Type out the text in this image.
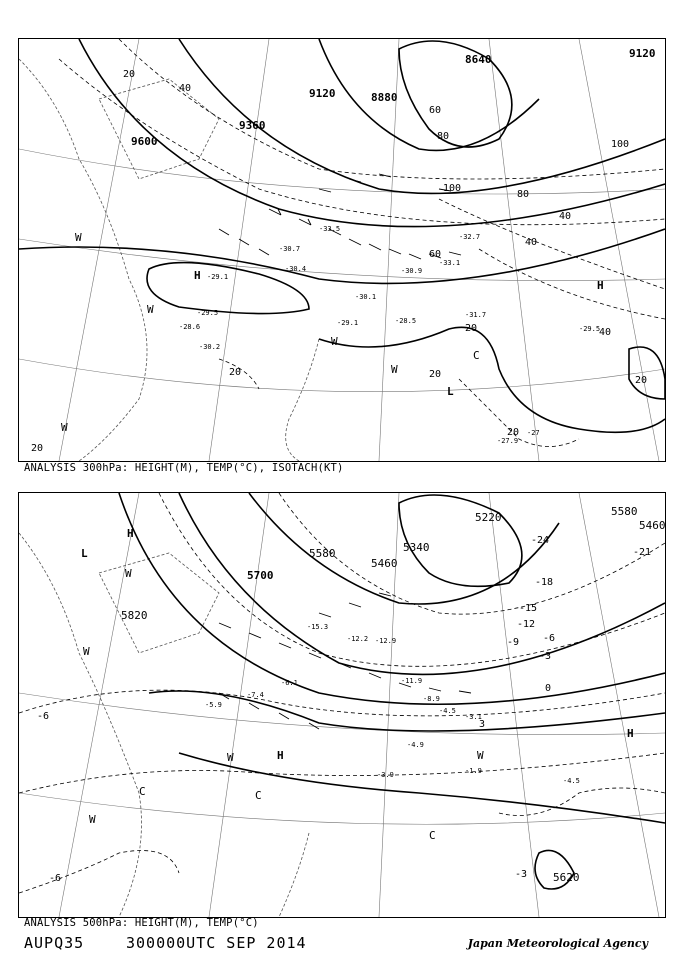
9600
9360
9120	8880
8640	9120
20
40
60
80
100
100
80
60
40
40
40
20
20	20
20
20
20
H
H
L
C
W
W
W
W
W
-29.1
-29.5
-28.6
-30.2
-30.1
-29.1	-28.5
-31.7
-30.4
-30.7
-33.1
-33.5
-32.7
-30.9
-27.9
-27
-29.5
ANALYSIS 300hPa: HEIGHT(M), TEMP(°C), ISOTACH(KT)
5700
5820
5580
5460
5340
5220	5580
5460
5620
-24
-21
-18
-15
-12
-9 -6
-3
0
3
-6
-6	-3
H
L
H
H
C	C
C
W
W
W	W
W
-11.9
-12.9
-8.9
-4.5
-3.1
-4.9
-3.9	-1.9
-4.5
-5.9
-7.4
-6.1
-12.2
-15.3
ANALYSIS 500hPa: HEIGHT(M), TEMP(°C)
AUPQ35	300000UTC SEP 2014	Japan Meteorological Agency
